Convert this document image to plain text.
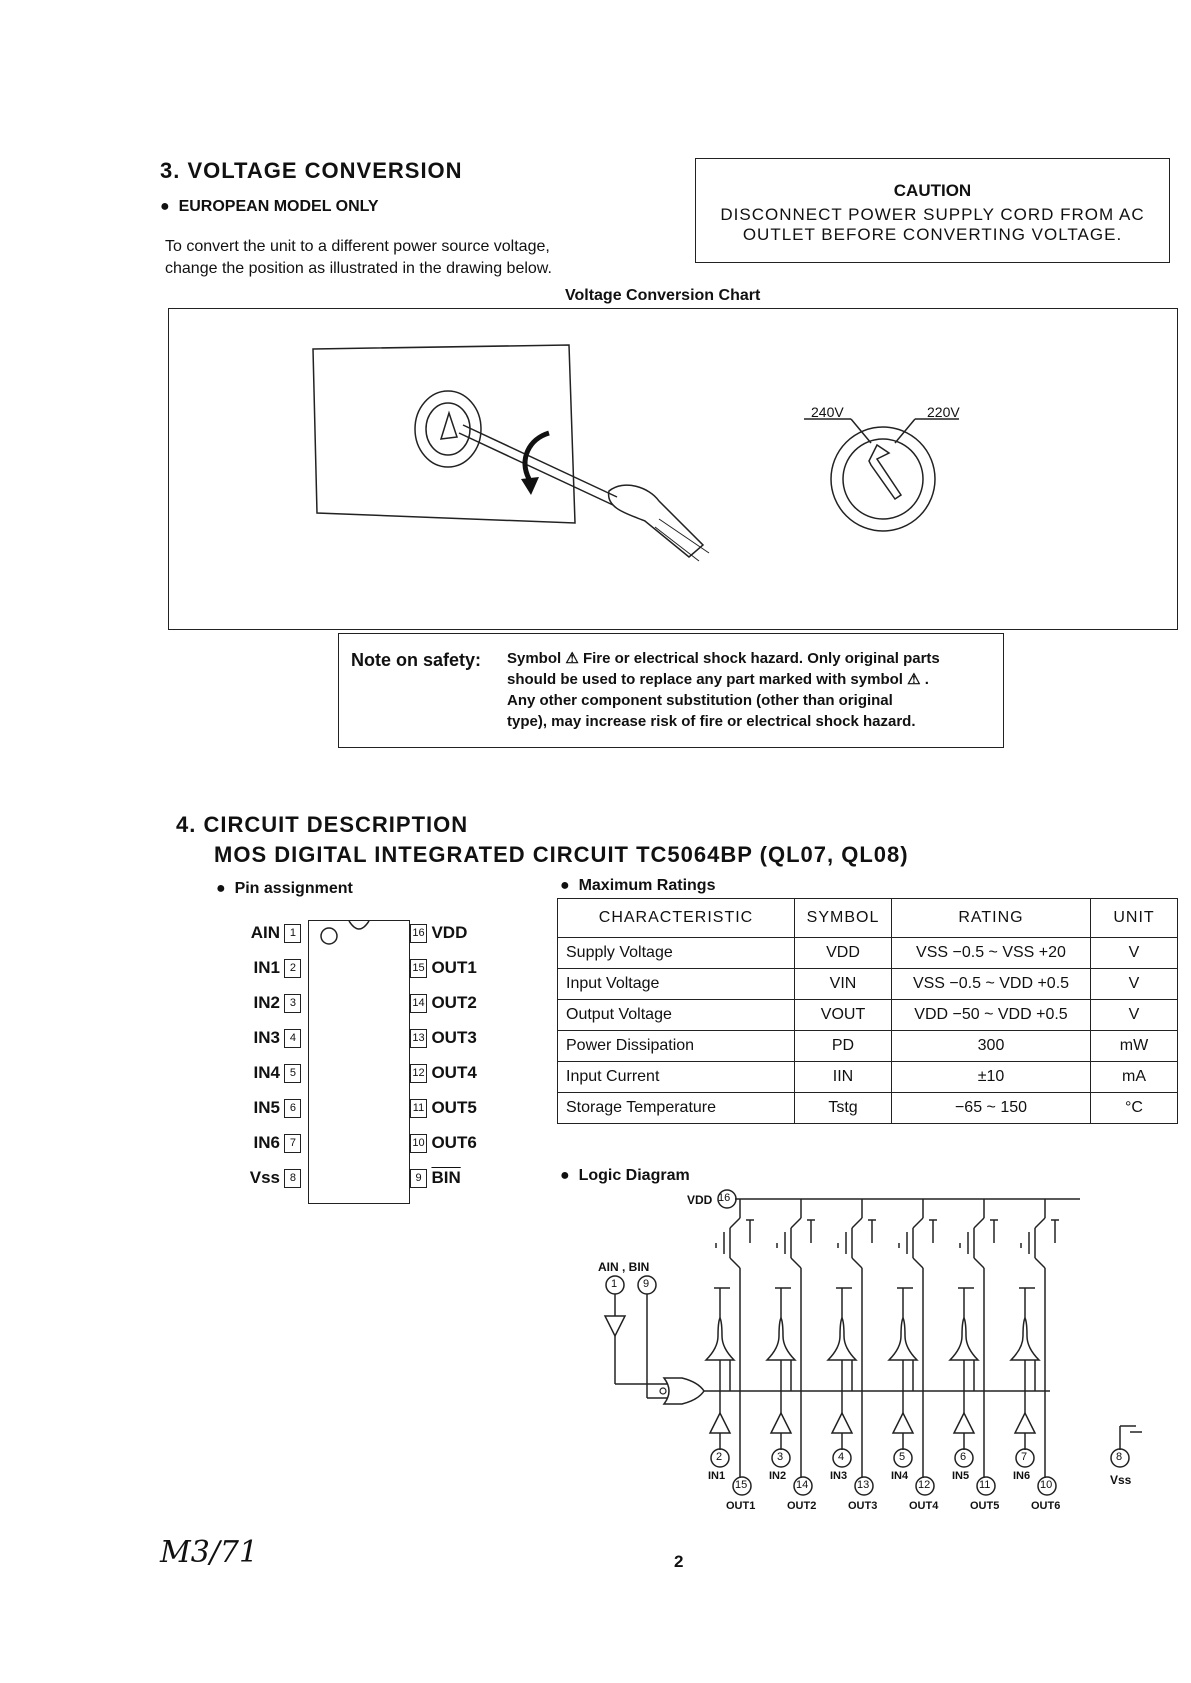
3. VOLTAGE CONVERSION
●  EUROPEAN MODEL ONLY
To convert the unit to a different power source voltage,
change the position as illustrated in the drawing below.
CAUTION
DISCONNECT POWER SUPPLY CORD FROM AC
OUTLET BEFORE CONVERTING VOLTAGE.
Voltage Conversion Chart
240V	220V
Note on safety: Symbol ⚠ Fire or electrical shock hazard. Only original parts
should be used to replace any part marked with symbol ⚠ .
Any other component substitution (other than original
type), may increase risk of fire or electrical shock hazard.
4. CIRCUIT DESCRIPTION
MOS DIGITAL INTEGRATED CIRCUIT TC5064BP (QL07, QL08)
●  Pin assignment
AIN 1
IN1 2
IN2 3
IN3 4
IN4 5
IN5 6
IN6 7
Vss 8
16 VDD
15 OUT1
14 OUT2
13 OUT3
12 OUT4
11 OUT5
10 OUT6
9 $\overline{BIN}$
●  Maximum Ratings
CHARACTERISTIC	SYMBOL	RATING	UNIT
Supply Voltage	VDD	VSS −0.5 ~ VSS +20	V
Input Voltage	VIN	VSS −0.5 ~ VDD +0.5	V
Output Voltage	VOUT	VDD −50 ~ VDD +0.5	V
Power Dissipation	PD	300	mW
Input Current	IIN	±10	mA
Storage Temperature	Tstg	−65 ~ 150	°C
●  Logic Diagram
VDD 16
AIN , BIN
1 9
Vss
8
2
IN1
15
OUT1
3
IN2
14
OUT2
4
IN3
13
OUT3
5
IN4
12
OUT4
6
IN5
11
OUT5
7
IN6
10
OUT6
M3/71	2
